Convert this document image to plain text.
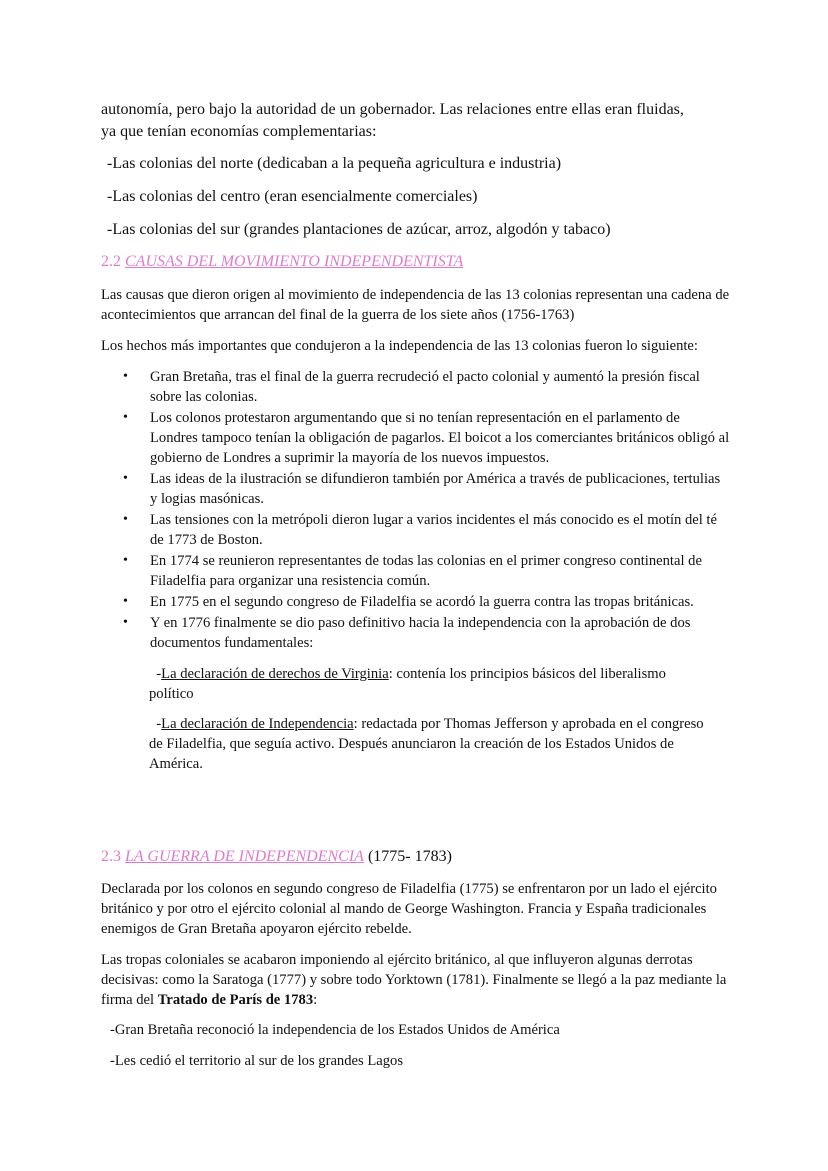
autonomía, pero bajo la autoridad de un gobernador. Las relaciones entre ellas eran fluidas,
ya que tenían economías complementarias:

-Las colonias del norte (dedicaban a la pequeña agricultura e industria)

-Las colonias del centro (eran esencialmente comerciales)

-Las colonias del sur (grandes plantaciones de azúcar, arroz, algodón y tabaco)

2.2 CAUSAS DEL MOVIMIENTO INDEPENDENTISTA

Las causas que dieron origen al movimiento de independencia de las 13 colonias representan una cadena de acontecimientos que arrancan del final de la guerra de los siete años (1756-1763)

Los hechos más importantes que condujeron a la independencia de las 13 colonias fueron lo siguiente:

• Gran Bretaña, tras el final de la guerra recrudeció el pacto colonial y aumentó la presión fiscal sobre las colonias.
• Los colonos protestaron argumentando que si no tenían representación en el parlamento de Londres tampoco tenían la obligación de pagarlos. El boicot a los comerciantes británicos obligó al gobierno de Londres a suprimir la mayoría de los nuevos impuestos.
• Las ideas de la ilustración se difundieron también por América a través de publicaciones, tertulias y logias masónicas.
• Las tensiones con la metrópoli dieron lugar a varios incidentes el más conocido es el motín del té de 1773 de Boston.
• En 1774 se reunieron representantes de todas las colonias en el primer congreso continental de Filadelfia para organizar una resistencia común.
• En 1775 en el segundo congreso de Filadelfia se acordó la guerra contra las tropas británicas.
• Y en 1776 finalmente se dio paso definitivo hacia la independencia con la aprobación de dos documentos fundamentales:

-La declaración de derechos de Virginia: contenía los principios básicos del liberalismo político

-La declaración de Independencia: redactada por Thomas Jefferson y aprobada en el congreso de Filadelfia, que seguía activo. Después anunciaron la creación de los Estados Unidos de América.

2.3 LA GUERRA DE INDEPENDENCIA (1775- 1783)

Declarada por los colonos en segundo congreso de Filadelfia (1775) se enfrentaron por un lado el ejército británico y por otro el ejército colonial al mando de George Washington. Francia y España tradicionales enemigos de Gran Bretaña apoyaron ejército rebelde.

Las tropas coloniales se acabaron imponiendo al ejército británico, al que influyeron algunas derrotas decisivas: como la Saratoga (1777) y sobre todo Yorktown (1781). Finalmente se llegó a la paz mediante la firma del Tratado de París de 1783:

-Gran Bretaña reconoció la independencia de los Estados Unidos de América

-Les cedió el territorio al sur de los grandes Lagos
